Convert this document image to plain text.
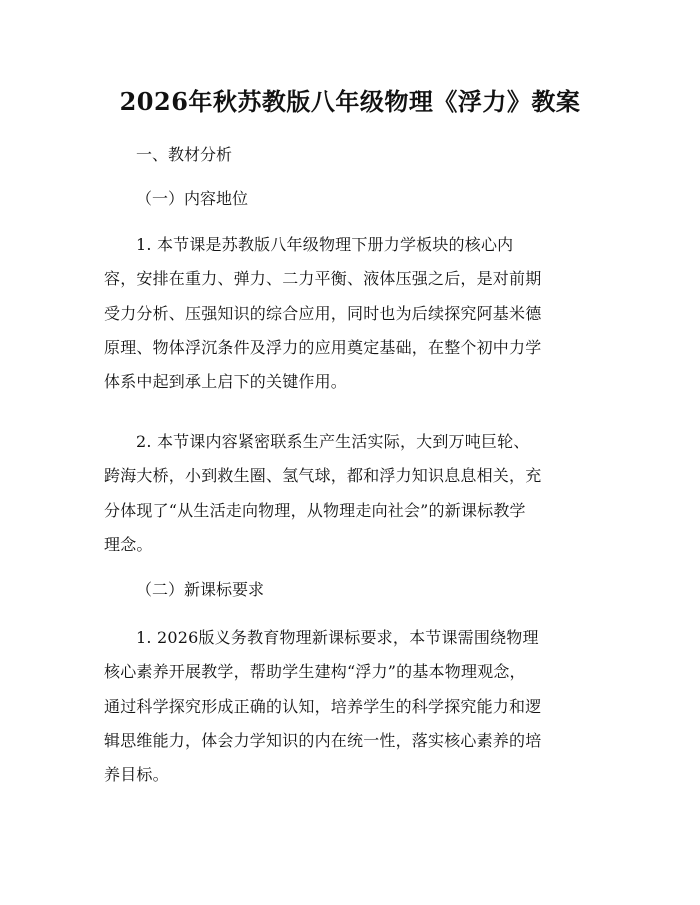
2026年秋苏教版八年级物理《浮力》教案
一、教材分析
（一）内容地位
1. 本节课是苏教版八年级物理下册力学板块的核心内
容，安排在重力、弹力、二力平衡、液体压强之后，是对前期
受力分析、压强知识的综合应用，同时也为后续探究阿基米德
原理、物体浮沉条件及浮力的应用奠定基础，在整个初中力学
体系中起到承上启下的关键作用。
2. 本节课内容紧密联系生产生活实际，大到万吨巨轮、
跨海大桥，小到救生圈、氢气球，都和浮力知识息息相关，充
分体现了“从生活走向物理，从物理走向社会”的新课标教学
理念。
（二）新课标要求
1. 2026版义务教育物理新课标要求，本节课需围绕物理
核心素养开展教学，帮助学生建构“浮力”的基本物理观念，
通过科学探究形成正确的认知，培养学生的科学探究能力和逻
辑思维能力，体会力学知识的内在统一性，落实核心素养的培
养目标。
